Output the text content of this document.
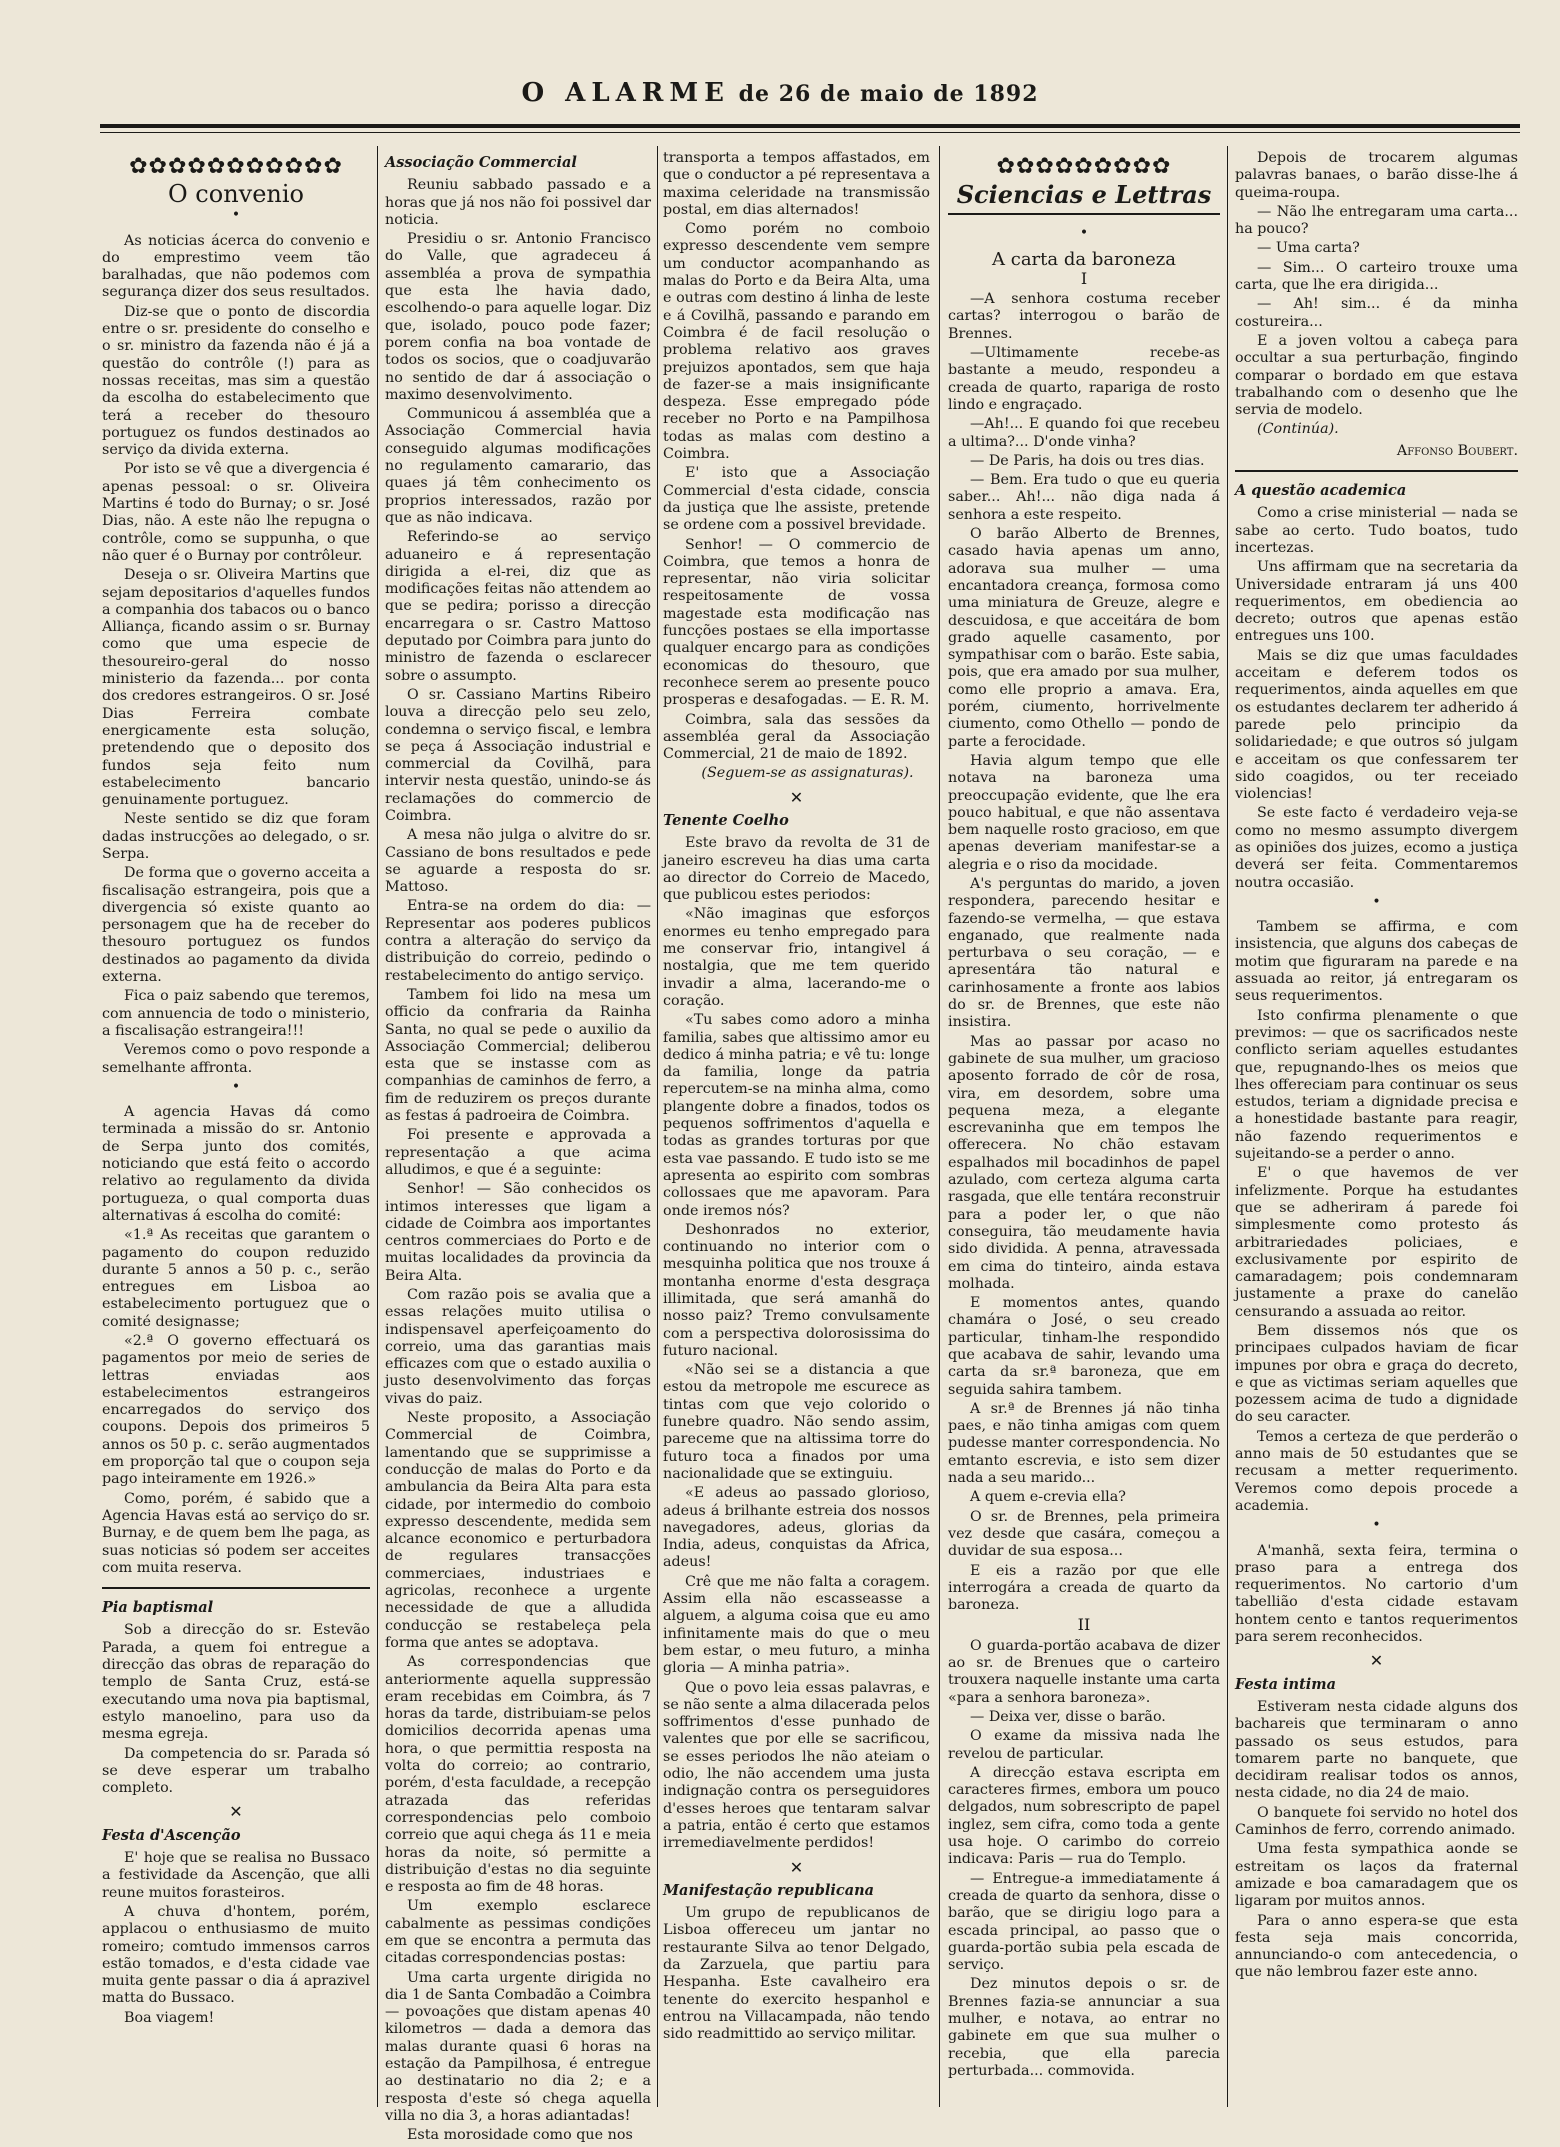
O ALARME de 26 de maio de 1892
✿✿✿✿✿✿✿✿✿✿✿
O convenio
•

As noticias ácerca do convenio e do emprestimo veem tão baralhadas, que não podemos com segurança dizer dos seus resultados.

Diz-se que o ponto de discordia entre o sr. presidente do conselho e o sr. ministro da fazenda não é já a questão do contrôle (!) para as nossas receitas, mas sim a questão da escolha do estabelecimento que terá a receber do thesouro portuguez os fundos destinados ao serviço da divida externa.

Por isto se vê que a divergencia é apenas pessoal: o sr. Oliveira Martins é todo do Burnay; o sr. José Dias, não. A este não lhe repugna o contrôle, como se suppunha, o que não quer é o Burnay por contrôleur.

Deseja o sr. Oliveira Martins que sejam depositarios d'aquelles fundos a companhia dos tabacos ou o banco Alliança, ficando assim o sr. Burnay como que uma especie de thesoureiro-geral do nosso ministerio da fazenda... por conta dos credores estrangeiros. O sr. José Dias Ferreira combate energicamente esta solução, pretendendo que o deposito dos fundos seja feito num estabelecimento bancario genuinamente portuguez.

Neste sentido se diz que foram dadas instrucções ao delegado, o sr. Serpa.

De forma que o governo acceita a fiscalisação estrangeira, pois que a divergencia só existe quanto ao personagem que ha de receber do thesouro portuguez os fundos destinados ao pagamento da divida externa.

Fica o paiz sabendo que teremos, com annuencia de todo o ministerio, a fiscalisação estrangeira!!!

Veremos como o povo responde a semelhante affronta.

•

A agencia Havas dá como terminada a missão do sr. Antonio de Serpa junto dos comités, noticiando que está feito o accordo relativo ao regulamento da divida portugueza, o qual comporta duas alternativas á escolha do comité:

«1.ª As receitas que garantem o pagamento do coupon reduzido durante 5 annos a 50 p. c., serão entregues em Lisboa ao estabelecimento portuguez que o comité designasse;

«2.ª O governo effectuará os pagamentos por meio de series de lettras enviadas aos estabelecimentos estrangeiros encarregados do serviço dos coupons. Depois dos primeiros 5 annos os 50 p. c. serão augmentados em proporção tal que o coupon seja pago inteiramente em 1926.»

Como, porém, é sabido que a Agencia Havas está ao serviço do sr. Burnay, e de quem bem lhe paga, as suas noticias só podem ser acceites com muita reserva.

Pia baptismal

Sob a direcção do sr. Estevão Parada, a quem foi entregue a direcção das obras de reparação do templo de Santa Cruz, está-se executando uma nova pia baptismal, estylo manoelino, para uso da mesma egreja.

Da competencia do sr. Parada só se deve esperar um trabalho completo.

✕
Festa d'Ascenção

E' hoje que se realisa no Bussaco a festividade da Ascenção, que alli reune muitos forasteiros.

A chuva d'hontem, porém, applacou o enthusiasmo de muito romeiro; comtudo immensos carros estão tomados, e d'esta cidade vae muita gente passar o dia á aprazivel matta do Bussaco.

Boa viagem!

Associação Commercial

Reuniu sabbado passado e a horas que já nos não foi possivel dar noticia.

Presidiu o sr. Antonio Francisco do Valle, que agradeceu á assembléa a prova de sympathia que esta lhe havia dado, escolhendo-o para aquelle logar. Diz que, isolado, pouco pode fazer; porem confia na boa vontade de todos os socios, que o coadjuvarão no sentido de dar á associação o maximo desenvolvimento.

Communicou á assembléa que a Associação Commercial havia conseguido algumas modificações no regulamento camarario, das quaes já têm conhecimento os proprios interessados, razão por que as não indicava.

Referindo-se ao serviço aduaneiro e á representação dirigida a el-rei, diz que as modificações feitas não attendem ao que se pedira; porisso a direcção encarregara o sr. Castro Mattoso deputado por Coimbra para junto do ministro de fazenda o esclarecer sobre o assumpto.

O sr. Cassiano Martins Ribeiro louva a direcção pelo seu zelo, condemna o serviço fiscal, e lembra se peça á Associação industrial e commercial da Covilhã, para intervir nesta questão, unindo-se ás reclamações do commercio de Coimbra.

A mesa não julga o alvitre do sr. Cassiano de bons resultados e pede se aguarde a resposta do sr. Mattoso.

Entra-se na ordem do dia: — Representar aos poderes publicos contra a alteração do serviço da distribuição do correio, pedindo o restabelecimento do antigo serviço.

Tambem foi lido na mesa um officio da confraria da Rainha Santa, no qual se pede o auxilio da Associação Commercial; deliberou esta que se instasse com as companhias de caminhos de ferro, a fim de reduzirem os preços durante as festas á padroeira de Coimbra.

Foi presente e approvada a representação a que acima alludimos, e que é a seguinte:

Senhor! — São conhecidos os intimos interesses que ligam a cidade de Coimbra aos importantes centros commerciaes do Porto e de muitas localidades da provincia da Beira Alta.

Com razão pois se avalia que a essas relações muito utilisa o indispensavel aperfeiçoamento do correio, uma das garantias mais efficazes com que o estado auxilia o justo desenvolvimento das forças vivas do paiz.

Neste proposito, a Associação Commercial de Coimbra, lamentando que se supprimisse a conducção de malas do Porto e da ambulancia da Beira Alta para esta cidade, por intermedio do comboio expresso descendente, medida sem alcance economico e perturbadora de regulares transacções commerciaes, industriaes e agricolas, reconhece a urgente necessidade de que a alludida conducção se restabeleça pela forma que antes se adoptava.

As correspondencias que anteriormente aquella suppressão eram recebidas em Coimbra, ás 7 horas da tarde, distribuiam-se pelos domicilios decorrida apenas uma hora, o que permittia resposta na volta do correio; ao contrario, porém, d'esta faculdade, a recepção atrazada das referidas correspondencias pelo comboio correio que aqui chega ás 11 e meia horas da noite, só permitte a distribuição d'estas no dia seguinte e resposta ao fim de 48 horas.

Um exemplo esclarece cabalmente as pessimas condições em que se encontra a permuta das citadas correspondencias postas:

Uma carta urgente dirigida no dia 1 de Santa Combadão a Coimbra — povoações que distam apenas 40 kilometros — dada a demora das malas durante quasi 6 horas na estação da Pampilhosa, é entregue ao destinatario no dia 2; e a resposta d'este só chega aquella villa no dia 3, a horas adiantadas!

Esta morosidade como que nos

transporta a tempos affastados, em que o conductor a pé representava a maxima celeridade na transmissão postal, em dias alternados!

Como porém no comboio expresso descendente vem sempre um conductor acompanhando as malas do Porto e da Beira Alta, uma e outras com destino á linha de leste e á Covilhã, passando e parando em Coimbra é de facil resolução o problema relativo aos graves prejuizos apontados, sem que haja de fazer-se a mais insignificante despeza. Esse empregado póde receber no Porto e na Pampilhosa todas as malas com destino a Coimbra.

E' isto que a Associação Commercial d'esta cidade, conscia da justiça que lhe assiste, pretende se ordene com a possivel brevidade.

Senhor! — O commercio de Coimbra, que temos a honra de representar, não viria solicitar respeitosamente de vossa magestade esta modificação nas funcções postaes se ella importasse qualquer encargo para as condições economicas do thesouro, que reconhece serem ao presente pouco prosperas e desafogadas. — E. R. M.

Coimbra, sala das sessões da assembléa geral da Associação Commercial, 21 de maio de 1892.

(Seguem-se as assignaturas).

✕
Tenente Coelho

Este bravo da revolta de 31 de janeiro escreveu ha dias uma carta ao director do Correio de Macedo, que publicou estes periodos:

«Não imaginas que esforços enormes eu tenho empregado para me conservar frio, intangivel á nostalgia, que me tem querido invadir a alma, lacerando-me o coração.

«Tu sabes como adoro a minha familia, sabes que altissimo amor eu dedico á minha patria; e vê tu: longe da familia, longe da patria repercutem-se na minha alma, como plangente dobre a finados, todos os pequenos soffrimentos d'aquella e todas as grandes torturas por que esta vae passando. E tudo isto se me apresenta ao espirito com sombras collossaes que me apavoram. Para onde iremos nós?

Deshonrados no exterior, continuando no interior com o mesquinha politica que nos trouxe á montanha enorme d'esta desgraça illimitada, que será amanhã do nosso paiz? Tremo convulsamente com a perspectiva dolorosissima do futuro nacional.

«Não sei se a distancia a que estou da metropole me escurece as tintas com que vejo colorido o funebre quadro. Não sendo assim, pareceme que na altissima torre do futuro toca a finados por uma nacionalidade que se extinguiu.

«E adeus ao passado glorioso, adeus á brilhante estreia dos nossos navegadores, adeus, glorias da India, adeus, conquistas da Africa, adeus!

Crê que me não falta a coragem. Assim ella não escasseasse a alguem, a alguma coisa que eu amo infinitamente mais do que o meu bem estar, o meu futuro, a minha gloria — A minha patria».

Que o povo leia essas palavras, e se não sente a alma dilacerada pelos soffrimentos d'esse punhado de valentes que por elle se sacrificou, se esses periodos lhe não ateiam o odio, lhe não accendem uma justa indignação contra os perseguidores d'esses heroes que tentaram salvar a patria, então é certo que estamos irremediavelmente perdidos!

✕
Manifestação republicana

Um grupo de republicanos de Lisboa offereceu um jantar no restaurante Silva ao tenor Delgado, da Zarzuela, que partiu para Hespanha. Este cavalheiro era tenente do exercito hespanhol e entrou na Villacampada, não tendo sido readmittido ao serviço militar.

✿✿✿✿✿✿✿✿✿
Sciencias e Lettras
•
A carta da baroneza
I

—A senhora costuma receber cartas? interrogou o barão de Brennes.

—Ultimamente recebe-as bastante a meudo, respondeu a creada de quarto, rapariga de rosto lindo e engraçado.

—Ah!... E quando foi que recebeu a ultima?... D'onde vinha?

— De Paris, ha dois ou tres dias.

— Bem. Era tudo o que eu queria saber... Ah!... não diga nada á senhora a este respeito.

O barão Alberto de Brennes, casado havia apenas um anno, adorava sua mulher — uma encantadora creança, formosa como uma miniatura de Greuze, alegre e descuidosa, e que acceitára de bom grado aquelle casamento, por sympathisar com o barão. Este sabia, pois, que era amado por sua mulher, como elle proprio a amava. Era, porém, ciumento, horrivelmente ciumento, como Othello — pondo de parte a ferocidade.

Havia algum tempo que elle notava na baroneza uma preoccupação evidente, que lhe era pouco habitual, e que não assentava bem naquelle rosto gracioso, em que apenas deveriam manifestar-se a alegria e o riso da mocidade.

A's perguntas do marido, a joven respondera, parecendo hesitar e fazendo-se vermelha, — que estava enganado, que realmente nada perturbava o seu coração, — e apresentára tão natural e carinhosamente a fronte aos labios do sr. de Brennes, que este não insistira.

Mas ao passar por acaso no gabinete de sua mulher, um gracioso aposento forrado de côr de rosa, vira, em desordem, sobre uma pequena meza, a elegante escrevaninha que em tempos lhe offerecera. No chão estavam espalhados mil bocadinhos de papel azulado, com certeza alguma carta rasgada, que elle tentára reconstruir para a poder ler, o que não conseguira, tão meudamente havia sido dividida. A penna, atravessada em cima do tinteiro, ainda estava molhada.

E momentos antes, quando chamára o José, o seu creado particular, tinham-lhe respondido que acabava de sahir, levando uma carta da sr.ª baroneza, que em seguida sahira tambem.

A sr.ª de Brennes já não tinha paes, e não tinha amigas com quem pudesse manter correspondencia. No emtanto escrevia, e isto sem dizer nada a seu marido...

A quem e-crevia ella?

O sr. de Brennes, pela primeira vez desde que casára, começou a duvidar de sua esposa...

E eis a razão por que elle interrogára a creada de quarto da baroneza.

II

O guarda-portão acabava de dizer ao sr. de Brenues que o carteiro trouxera naquelle instante uma carta «para a senhora baroneza».

— Deixa ver, disse o barão.

O exame da missiva nada lhe revelou de particular.

A direcção estava escripta em caracteres firmes, embora um pouco delgados, num sobrescripto de papel inglez, sem cifra, como toda a gente usa hoje. O carimbo do correio indicava: Paris — rua do Templo.

— Entregue-a immediatamente á creada de quarto da senhora, disse o barão, que se dirigiu logo para a escada principal, ao passo que o guarda-portão subia pela escada de serviço.

Dez minutos depois o sr. de Brennes fazia-se annunciar a sua mulher, e notava, ao entrar no gabinete em que sua mulher o recebia, que ella parecia perturbada... commovida.

Depois de trocarem algumas palavras banaes, o barão disse-lhe á queima-roupa.

— Não lhe entregaram uma carta... ha pouco?

— Uma carta?

— Sim... O carteiro trouxe uma carta, que lhe era dirigida...

— Ah! sim... é da minha costureira...

E a joven voltou a cabeça para occultar a sua perturbação, fingindo comparar o bordado em que estava trabalhando com o desenho que lhe servia de modelo.

(Continúa).

Affonso Boubert.

A questão academica

Como a crise ministerial — nada se sabe ao certo. Tudo boatos, tudo incertezas.

Uns affirmam que na secretaria da Universidade entraram já uns 400 requerimentos, em obediencia ao decreto; outros que apenas estão entregues uns 100.

Mais se diz que umas faculdades acceitam e deferem todos os requerimentos, ainda aquelles em que os estudantes declarem ter adherido á parede pelo principio da solidariedade; e que outros só julgam e acceitam os que confessarem ter sido coagidos, ou ter receiado violencias!

Se este facto é verdadeiro veja-se como no mesmo assumpto divergem as opiniões dos juizes, ecomo a justiça deverá ser feita. Commentaremos noutra occasião.

•

Tambem se affirma, e com insistencia, que alguns dos cabeças de motim que figuraram na parede e na assuada ao reitor, já entregaram os seus requerimentos.

Isto confirma plenamente o que previmos: — que os sacrificados neste conflicto seriam aquelles estudantes que, repugnando-lhes os meios que lhes offereciam para continuar os seus estudos, teriam a dignidade precisa e a honestidade bastante para reagir, não fazendo requerimentos e sujeitando-se a perder o anno.

E' o que havemos de ver infelizmente. Porque ha estudantes que se adheriram á parede foi simplesmente como protesto ás arbitrariedades policiaes, e exclusivamente por espirito de camaradagem; pois condemnaram justamente a praxe do canelão censurando a assuada ao reitor.

Bem dissemos nós que os principaes culpados haviam de ficar impunes por obra e graça do decreto, e que as victimas seriam aquelles que pozessem acima de tudo a dignidade do seu caracter.

Temos a certeza de que perderão o anno mais de 50 estudantes que se recusam a metter requerimento. Veremos como depois procede a academia.

•

A'manhã, sexta feira, termina o praso para a entrega dos requerimentos. No cartorio d'um tabellião d'esta cidade estavam hontem cento e tantos requerimentos para serem reconhecidos.

✕
Festa intima

Estiveram nesta cidade alguns dos bachareis que terminaram o anno passado os seus estudos, para tomarem parte no banquete, que decidiram realisar todos os annos, nesta cidade, no dia 24 de maio.

O banquete foi servido no hotel dos Caminhos de ferro, correndo animado.

Uma festa sympathica aonde se estreitam os laços da fraternal amizade e boa camaradagem que os ligaram por muitos annos.

Para o anno espera-se que esta festa seja mais concorrida, annunciando-o com antecedencia, o que não lembrou fazer este anno.
